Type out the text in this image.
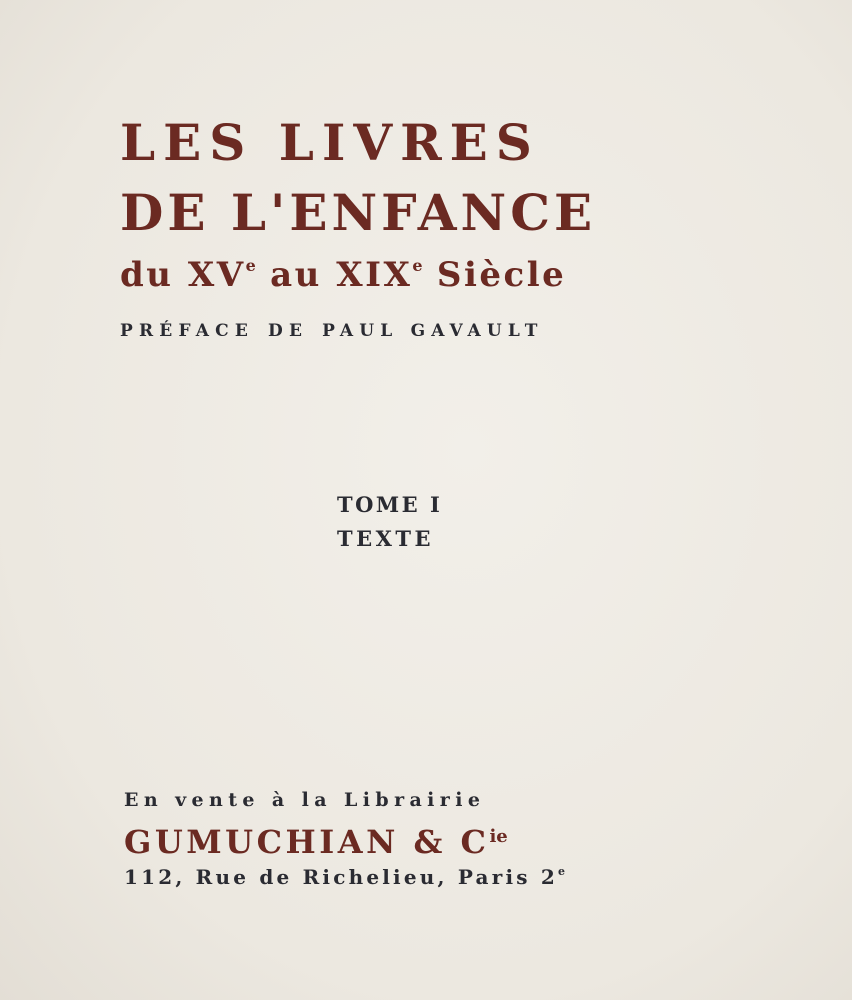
LES LIVRES
DE L'ENFANCE
du XVe au XIXe Siècle
PRÉFACE DE PAUL GAVAULT
TOME I
TEXTE
En vente à la Librairie
GUMUCHIAN & $C^{ie}$
112, Rue de Richelieu, Paris 2e
